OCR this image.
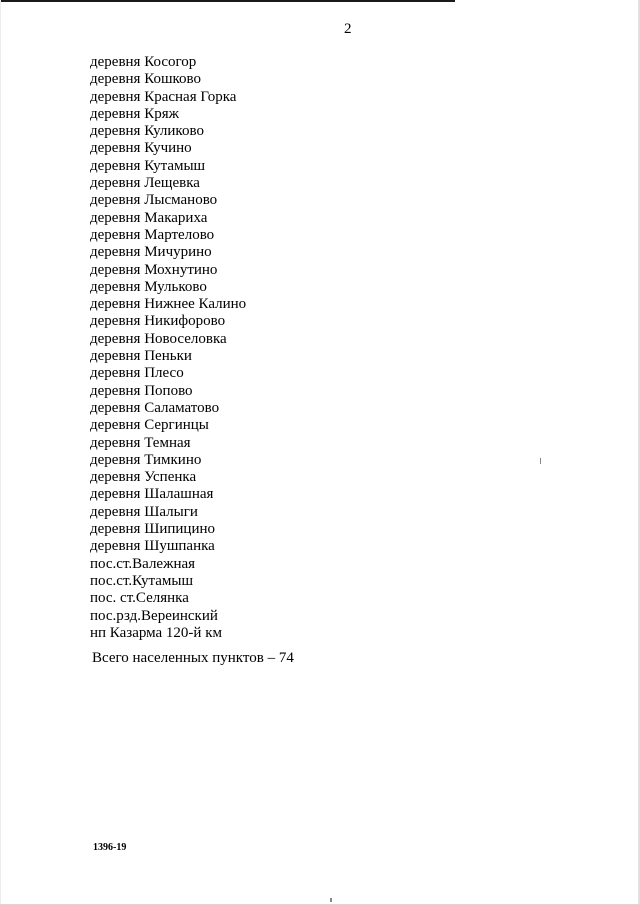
2
деревня Косогор
деревня Кошково
деревня Красная Горка
деревня Кряж
деревня Куликово
деревня Кучино
деревня Кутамыш
деревня Лещевка
деревня Лысманово
деревня Макариха
деревня Мартелово
деревня Мичурино
деревня Мохнутино
деревня Мульково
деревня Нижнее Калино
деревня Никифорово
деревня Новоселовка
деревня Пеньки
деревня Плесо
деревня Попово
деревня Саламатово
деревня Сергинцы
деревня Темная
деревня Тимкино
деревня Успенка
деревня Шалашная
деревня Шалыги
деревня Шипицино
деревня Шушпанка
пос.ст.Валежная
пос.ст.Кутамыш
пос. ст.Селянка
пос.рзд.Вереинский
нп Казарма 120-й км
Всего населенных пунктов – 74
1396-19
